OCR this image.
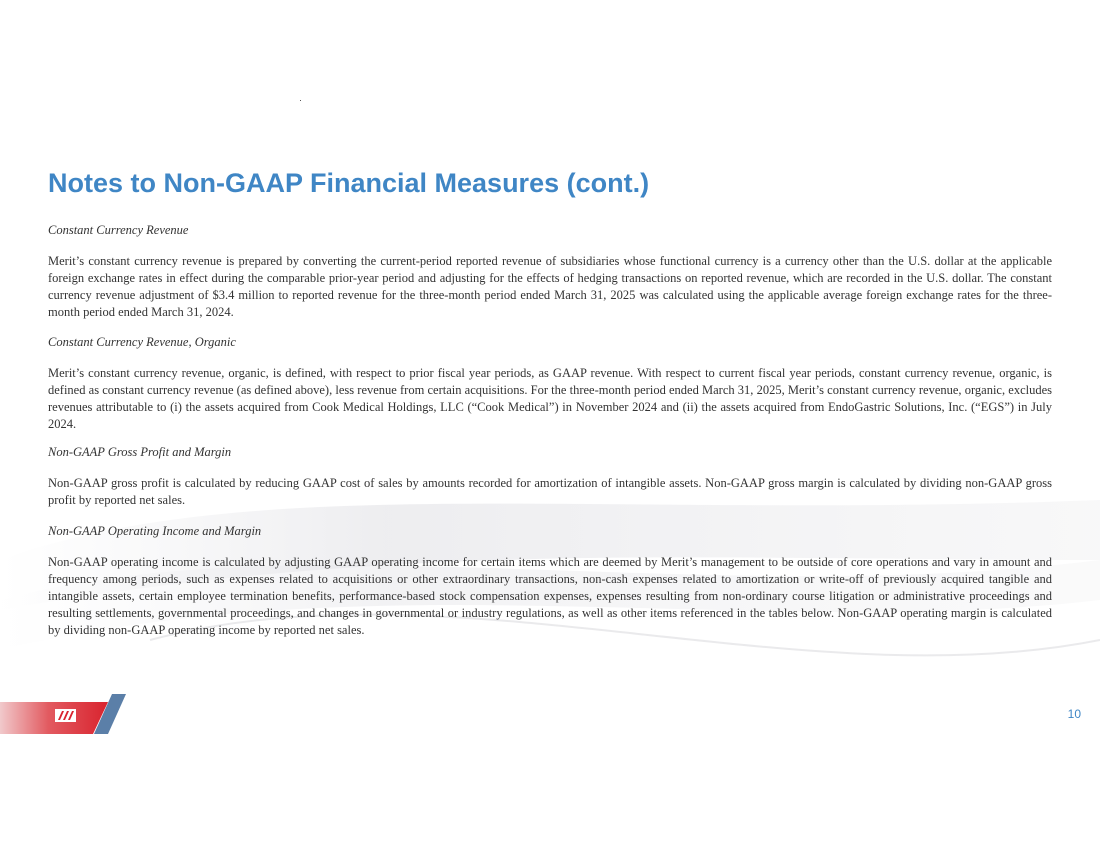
Notes to Non-GAAP Financial Measures (cont.)

Constant Currency Revenue

Merit’s constant currency revenue is prepared by converting the current-period reported revenue of subsidiaries whose functional currency is a currency other than the U.S. dollar at the applicable foreign exchange rates in effect during the comparable prior-year period and adjusting for the effects of hedging transactions on reported revenue, which are recorded in the U.S. dollar. The constant currency revenue adjustment of $3.4 million to reported revenue for the three-month period ended March 31, 2025 was calculated using the applicable average foreign exchange rates for the three-month period ended March 31, 2024.

Constant Currency Revenue, Organic

Merit’s constant currency revenue, organic, is defined, with respect to prior fiscal year periods, as GAAP revenue. With respect to current fiscal year periods, constant currency revenue, organic, is defined as constant currency revenue (as defined above), less revenue from certain acquisitions. For the three-month period ended March 31, 2025, Merit’s constant currency revenue, organic, excludes revenues attributable to (i) the assets acquired from Cook Medical Holdings, LLC (“Cook Medical”) in November 2024 and (ii) the assets acquired from EndoGastric Solutions, Inc. (“EGS”) in July 2024.

Non-GAAP Gross Profit and Margin

Non-GAAP gross profit is calculated by reducing GAAP cost of sales by amounts recorded for amortization of intangible assets. Non-GAAP gross margin is calculated by dividing non-GAAP gross profit by reported net sales.

Non-GAAP Operating Income and Margin

Non-GAAP operating income is calculated by adjusting GAAP operating income for certain items which are deemed by Merit’s management to be outside of core operations and vary in amount and frequency among periods, such as expenses related to acquisitions or other extraordinary transactions, non-cash expenses related to amortization or write-off of previously acquired tangible and intangible assets, certain employee termination benefits, performance-based stock compensation expenses, expenses resulting from non-ordinary course litigation or administrative proceedings and resulting settlements, governmental proceedings, and changes in governmental or industry regulations, as well as other items referenced in the tables below. Non-GAAP operating margin is calculated by dividing non-GAAP operating income by reported net sales.

10
